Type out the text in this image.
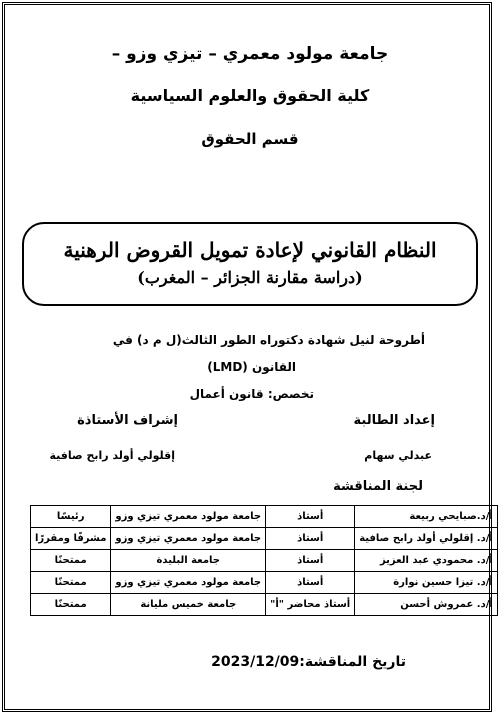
جامعة مولود معمري – تيزي وزو –
كلية الحقوق والعلوم السياسية
قسم الحقوق
النظام القانوني لإعادة تمويل القروض الرهنية
(دراسة مقارنة الجزائر – المغرب)
أطروحة لنيل شهادة دكتوراه الطور الثالث(ل م د) في
القانون (LMD)
تخصص: قانون أعمال
إعداد الطالبة
إشراف الأستاذة
عبدلي سهام
إقلولي أولد رابح صافية
لجنة المناقشة
أ/د.صبايحي ربيعة	أستاذ	جامعة مولود معمري تيزي وزو	رئيسًا
أ/د. إقلولي أولد رابح صافية	أستاذ	جامعة مولود معمري تيزي وزو	مشرفًا ومقررًا
أ/د. محمودي عبد العزيز	أستاذ	جامعة البليدة	ممتحنًا
أ/د. تيزا حسين نوارة	أستاذ	جامعة مولود معمري تيزي وزو	ممتحنًا
أ/د. عمروش أحسن	أستاذ محاضر "أ"	جامعة خميس مليانة	ممتحنًا
تاريخ المناقشة:2023/12/09
